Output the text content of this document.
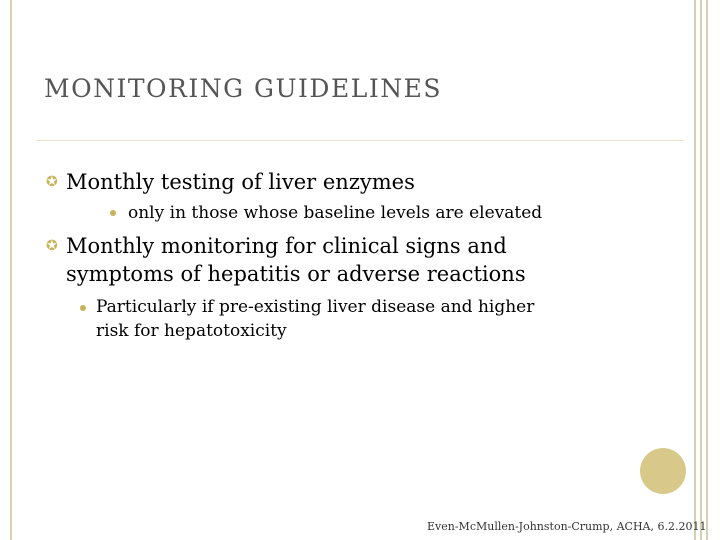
MONITORING GUIDELINES
✪ Monthly testing of liver enzymes
only in those whose baseline levels are elevated
✪ Monthly monitoring for clinical signs and
symptoms of hepatitis or adverse reactions
Particularly if pre-existing liver disease and higher
risk for hepatotoxicity
Even-McMullen-Johnston-Crump, ACHA, 6.2.2011
